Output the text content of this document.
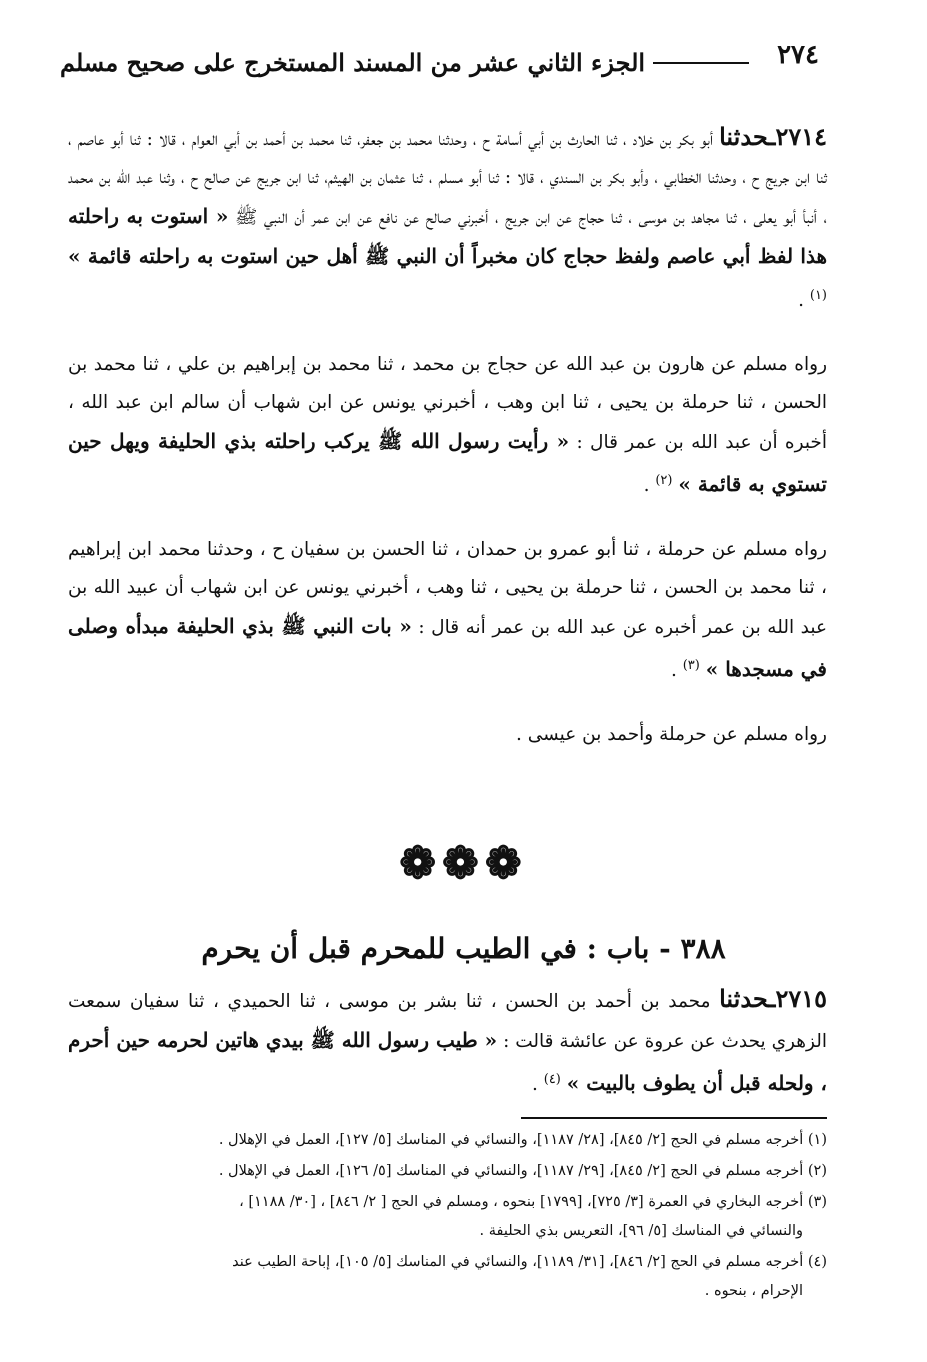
٢٧٤
الجزء الثاني عشر من المسند المستخرج على صحيح مسلم

٢٧١٤ـحدثنا أبو بكر بن خلاد ، ثنا الحارث بن أبي أسامة ح ، وحدثنا محمد بن جعفر، ثنا محمد بن أحمد بن أبي العوام ، قالا : ثنا أبو عاصم ، ثنا ابن جريج ح ، وحدثنا الخطابي ، وأبو بكر بن السندي ، قالا : ثنا أبو مسلم ، ثنا عثمان بن الهيثم، ثنا ابن جريج عن صالح ح ، وثنا عبد الله بن محمد ، أنبأ أبو يعلى ، ثنا مجاهد بن موسى ، ثنا حجاج عن ابن جريج ، أخبرني صالح عن نافع عن ابن عمر أن النبي ﷺ « استوت به راحلته هذا لفظ أبي عاصم ولفظ حجاج كان مخبراً أن النبي ﷺ أهل حين استوت به راحلته قائمة » $^{(١)}$ .

رواه مسلم عن هارون بن عبد الله عن حجاج بن محمد ، ثنا محمد بن إبراهيم بن علي ، ثنا محمد بن الحسن ، ثنا حرملة بن يحيى ، ثنا ابن وهب ، أخبرني يونس عن ابن شهاب أن سالم ابن عبد الله ، أخبره أن عبد الله بن عمر قال : « رأيت رسول الله ﷺ يركب راحلته بذي الحليفة ويهل حين تستوي به قائمة » $^{(٢)}$ .

رواه مسلم عن حرملة ، ثنا أبو عمرو بن حمدان ، ثنا الحسن بن سفيان ح ، وحدثنا محمد ابن إبراهيم ، ثنا محمد بن الحسن ، ثنا حرملة بن يحيى ، ثنا وهب ، أخبرني يونس عن ابن شهاب أن عبيد الله بن عبد الله بن عمر أخبره عن عبد الله بن عمر أنه قال : « بات النبي ﷺ بذي الحليفة مبدأه وصلى في مسجدها » $^{(٣)}$ .

رواه مسلم عن حرملة وأحمد بن عيسى .

❁❁❁
٣٨٨ - باب : في الطيب للمحرم قبل أن يحرم

٢٧١٥ـحدثنا محمد بن أحمد بن الحسن ، ثنا بشر بن موسى ، ثنا الحميدي ، ثنا سفيان سمعت الزهري يحدث عن عروة عن عائشة قالت : « طيب رسول الله ﷺ بيدي هاتين لحرمه حين أحرم ، ولحله قبل أن يطوف بالبيت » $^{(٤)}$ .

(١) أخرجه مسلم في الحج [٢/ ٨٤٥]، [٢٨/ ١١٨٧]، والنسائي في المناسك [٥/ ١٢٧]، العمل في الإهلال .
(٢) أخرجه مسلم في الحج [٢/ ٨٤٥]، [٢٩/ ١١٨٧]، والنسائي في المناسك [٥/ ١٢٦]، العمل في الإهلال .
(٣) أخرجه البخاري في العمرة [٣/ ٧٢٥]، [١٧٩٩] بنحوه ، ومسلم في الحج [ ٢/ ٨٤٦] ، [٣٠/ ١١٨٨] ،
والنسائي في المناسك [٥/ ٩٦]، التعريس بذي الحليفة .
(٤) أخرجه مسلم في الحج [٢/ ٨٤٦]، [٣١/ ١١٨٩]، والنسائي في المناسك [٥/ ١٠٥]، إباحة الطيب عند
الإحرام ، بنحوه .
